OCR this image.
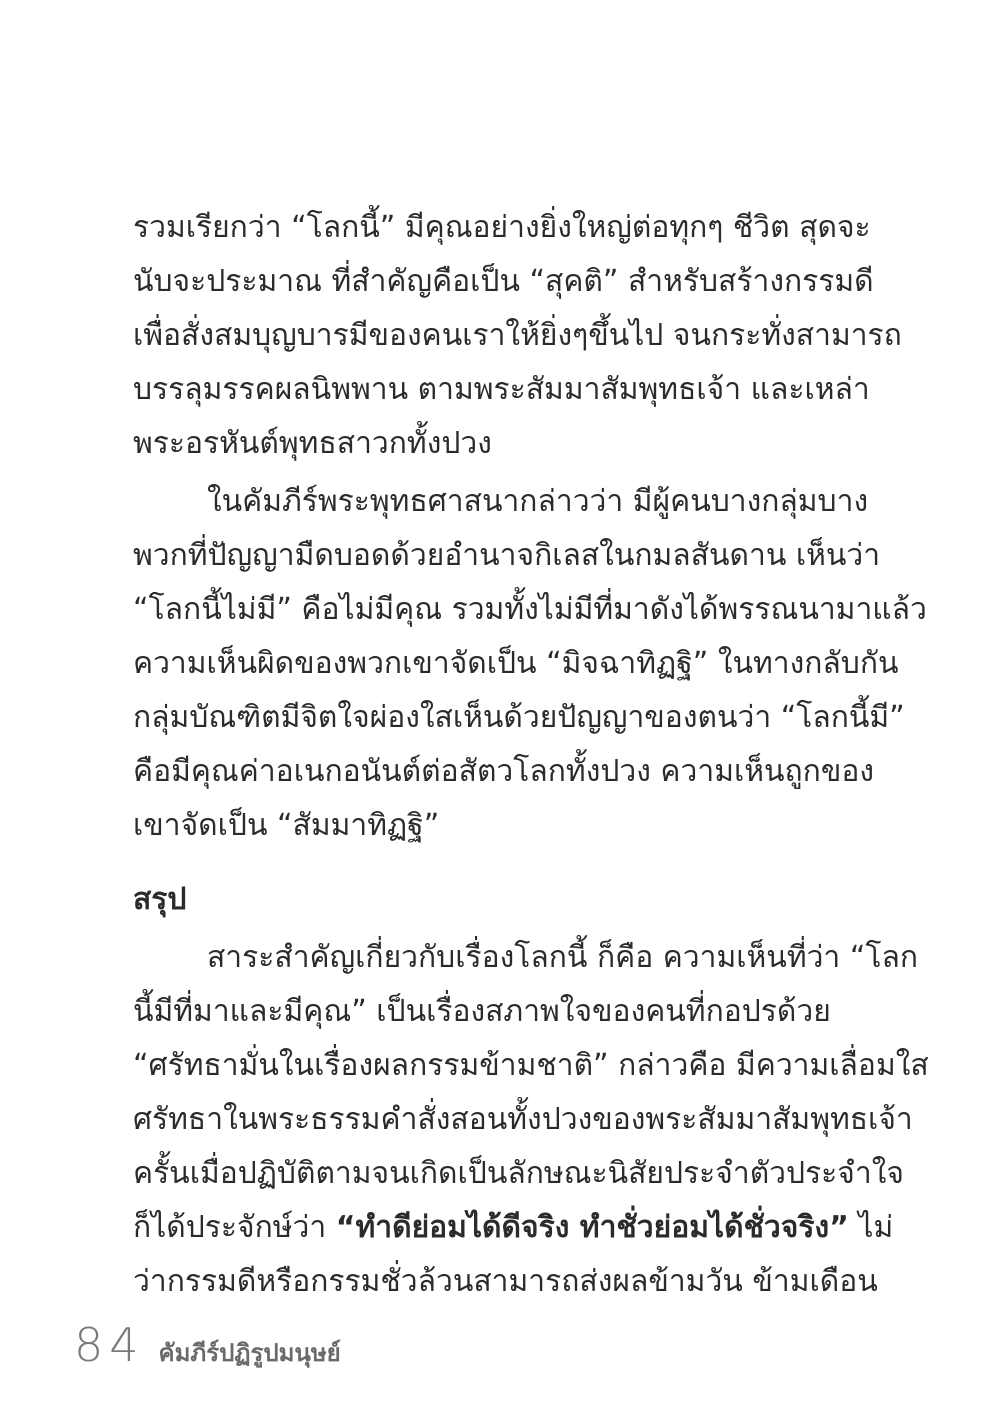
รวมเรียกว่า “โลกนี้” มีคุณอย่างยิ่งใหญ่ต่อทุกๆ ชีวิต สุดจะ
นับจะประมาณ ที่สำคัญคือเป็น “สุคติ” สำหรับสร้างกรรมดี
เพื่อสั่งสมบุญบารมีของคนเราให้ยิ่งๆขึ้นไป จนกระทั่งสามารถ
บรรลุมรรคผลนิพพาน ตามพระสัมมาสัมพุทธเจ้า และเหล่า
พระอรหันต์พุทธสาวกทั้งปวง
ในคัมภีร์พระพุทธศาสนากล่าวว่า มีผู้คนบางกลุ่มบาง
พวกที่ปัญญามืดบอดด้วยอำนาจกิเลสในกมลสันดาน เห็นว่า
“โลกนี้ไม่มี” คือไม่มีคุณ รวมทั้งไม่มีที่มาดังได้พรรณนามาแล้ว
ความเห็นผิดของพวกเขาจัดเป็น “มิจฉาทิฏฐิ” ในทางกลับกัน
กลุ่มบัณฑิตมีจิตใจผ่องใสเห็นด้วยปัญญาของตนว่า “โลกนี้มี”
คือมีคุณค่าอเนกอนันต์ต่อสัตวโลกทั้งปวง ความเห็นถูกของ
เขาจัดเป็น “สัมมาทิฏฐิ”
สรุป
สาระสำคัญเกี่ยวกับเรื่องโลกนี้ ก็คือ ความเห็นที่ว่า “โลก
นี้มีที่มาและมีคุณ” เป็นเรื่องสภาพใจของคนที่กอปรด้วย
“ศรัทธามั่นในเรื่องผลกรรมข้ามชาติ” กล่าวคือ มีความเลื่อมใส
ศรัทธาในพระธรรมคำสั่งสอนทั้งปวงของพระสัมมาสัมพุทธเจ้า
ครั้นเมื่อปฏิบัติตามจนเกิดเป็นลักษณะนิสัยประจำตัวประจำใจ
ก็ได้ประจักษ์ว่า “ทำดีย่อมได้ดีจริง ทำชั่วย่อมได้ชั่วจริง” ไม่
ว่ากรรมดีหรือกรรมชั่วล้วนสามารถส่งผลข้ามวัน ข้ามเดือน
84 คัมภีร์ปฏิรูปมนุษย์
